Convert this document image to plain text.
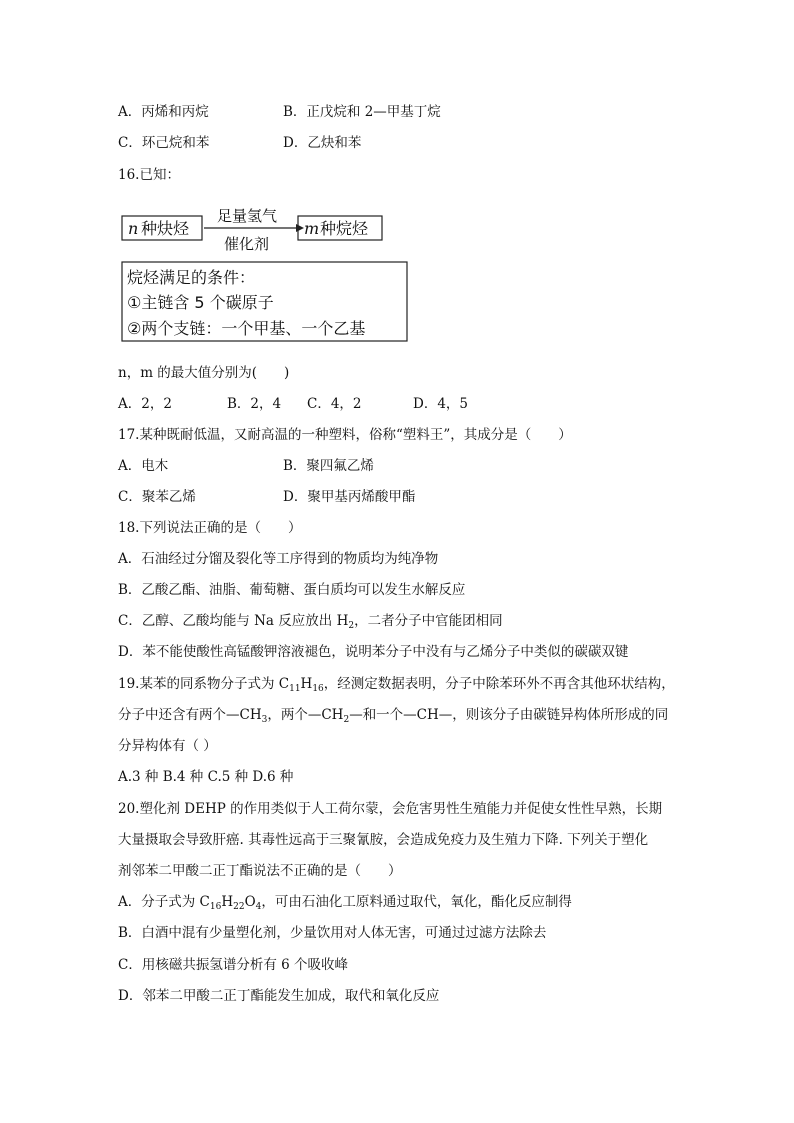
A．丙烯和丙烷	B．正戊烷和 2—甲基丁烷
C．环己烷和苯	D．乙炔和苯
16.已知：
n 种炔烃
足量氢气
催化剂
m 种烷烃
烷烃满足的条件：
①主链含 5 个碳原子
②两个支链：一个甲基、一个乙基
n，m 的最大值分别为(　　)
A．2，2	B．2，4 C．4，2	D．4，5
17.某种既耐低温，又耐高温的一种塑料，俗称“塑料王”，其成分是（　　）
A．电木	B．聚四氟乙烯
C．聚苯乙烯	D．聚甲基丙烯酸甲酯
18.下列说法正确的是（　　）
A．石油经过分馏及裂化等工序得到的物质均为纯净物
B．乙酸乙酯、油脂、葡萄糖、蛋白质均可以发生水解反应
C．乙醇、乙酸均能与 Na 反应放出 $H_2$，二者分子中官能团相同
D．苯不能使酸性高锰酸钾溶液褪色，说明苯分子中没有与乙烯分子中类似的碳碳双键
19.某苯的同系物分子式为 $C_{11}H_{16}$，经测定数据表明，分子中除苯环外不再含其他环状结构，
分子中还含有两个$—CH_3$，两个$—CH_2—$和一个—CH—，则该分子由碳链异构体所形成的同
分异构体有（ ）
A.3 种 B.4 种 C.5 种 D.6 种
20.塑化剂 DEHP 的作用类似于人工荷尔蒙，会危害男性生殖能力并促使女性性早熟，长期
大量摄取会导致肝癌. 其毒性远高于三聚氰胺，会造成免疫力及生殖力下降. 下列关于塑化
剂邻苯二甲酸二正丁酯说法不正确的是（　　）
A．分子式为 $C_{16}H_{22}O_4$，可由石油化工原料通过取代，氧化，酯化反应制得
B．白酒中混有少量塑化剂，少量饮用对人体无害，可通过过滤方法除去
C．用核磁共振氢谱分析有 6 个吸收峰
D．邻苯二甲酸二正丁酯能发生加成，取代和氧化反应
